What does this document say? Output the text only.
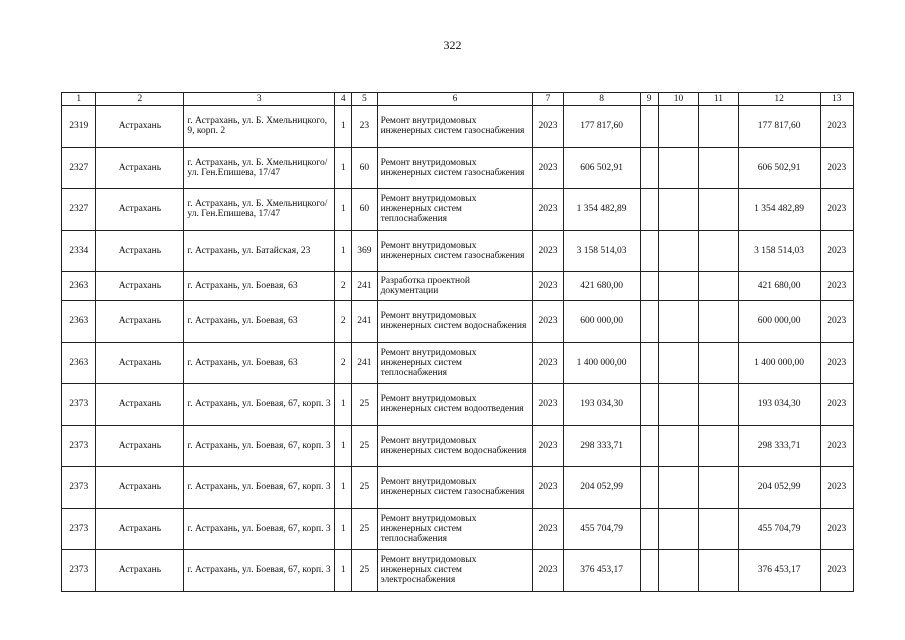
322
1	2	3	4	5	6	7	8	9	10	11	12	13
2319	Астрахань	г. Астрахань, ул. Б. Хмельницкого, 9, корп. 2	1	23	Ремонт внутридомовых инженерных систем газоснабжения	2023	177 817,60				177 817,60	2023
2327	Астрахань	г. Астрахань, ул. Б. Хмельницкого/ ул. Ген.Епишева, 17/47	1	60	Ремонт внутридомовых инженерных систем газоснабжения	2023	606 502,91				606 502,91	2023
2327	Астрахань	г. Астрахань, ул. Б. Хмельницкого/ ул. Ген.Епишева, 17/47	1	60	Ремонт внутридомовых инженерных систем теплоснабжения	2023	1 354 482,89				1 354 482,89	2023
2334	Астрахань	г. Астрахань, ул. Батайская, 23	1	369	Ремонт внутридомовых инженерных систем газоснабжения	2023	3 158 514,03				3 158 514,03	2023
2363	Астрахань	г. Астрахань, ул. Боевая, 63	2	241	Разработка проектной документации	2023	421 680,00				421 680,00	2023
2363	Астрахань	г. Астрахань, ул. Боевая, 63	2	241	Ремонт внутридомовых инженерных систем водоснабжения	2023	600 000,00				600 000,00	2023
2363	Астрахань	г. Астрахань, ул. Боевая, 63	2	241	Ремонт внутридомовых инженерных систем теплоснабжения	2023	1 400 000,00				1 400 000,00	2023
2373	Астрахань	г. Астрахань, ул. Боевая, 67, корп. 3	1	25	Ремонт внутридомовых инженерных систем водоотведения	2023	193 034,30				193 034,30	2023
2373	Астрахань	г. Астрахань, ул. Боевая, 67, корп. 3	1	25	Ремонт внутридомовых инженерных систем водоснабжения	2023	298 333,71				298 333,71	2023
2373	Астрахань	г. Астрахань, ул. Боевая, 67, корп. 3	1	25	Ремонт внутридомовых инженерных систем газоснабжения	2023	204 052,99				204 052,99	2023
2373	Астрахань	г. Астрахань, ул. Боевая, 67, корп. 3	1	25	Ремонт внутридомовых инженерных систем теплоснабжения	2023	455 704,79				455 704,79	2023
2373	Астрахань	г. Астрахань, ул. Боевая, 67, корп. 3	1	25	Ремонт внутридомовых инженерных систем электроснабжения	2023	376 453,17				376 453,17	2023
